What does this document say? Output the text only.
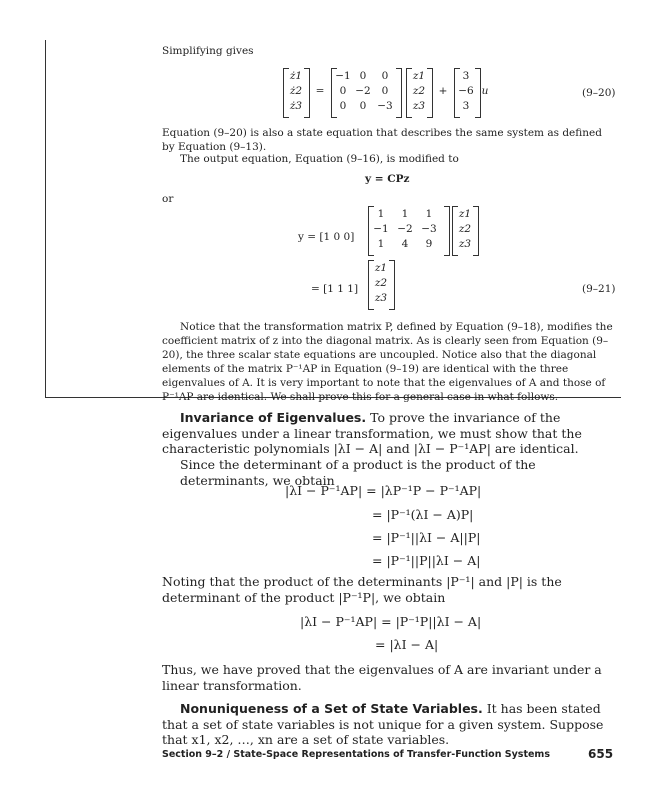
Simplifying gives
ż1
ż2
ż3
=
−1 0	0
0 −2	0
0	0	−3
z1
z2
z3
+
3
−6
3
u	(9–20)
Equation (9–20) is also a state equation that describes the same system as defined by Equation (9–13).
The output equation, Equation (9–16), is modified to
y = CPz
or
y = [1 0 0]
1	1	1
−1 −2 −3
1	4	9
z1
z2
z3
= [1 1 1]
z1
z2
z3
(9–21)
Notice that the transformation matrix P, defined by Equation (9–18), modifies the coefficient matrix of z into the diagonal matrix. As is clearly seen from Equation (9–20), the three scalar state equations are uncoupled. Notice also that the diagonal elements of the matrix P⁻¹AP in Equation (9–19) are identical with the three eigenvalues of A. It is very important to note that the eigenvalues of A and those of P⁻¹AP are identical. We shall prove this for a general case in what follows.
Invariance of Eigenvalues. To prove the invariance of the eigenvalues under a linear transformation, we must show that the characteristic polynomials |λI − A| and |λI − P⁻¹AP| are identical.
Since the determinant of a product is the product of the determinants, we obtain
|λI − P⁻¹AP| = |λP⁻¹P − P⁻¹AP|
= |P⁻¹(λI − A)P|
= |P⁻¹||λI − A||P|
= |P⁻¹||P||λI − A|
Noting that the product of the determinants |P⁻¹| and |P| is the determinant of the product |P⁻¹P|, we obtain
|λI − P⁻¹AP| = |P⁻¹P||λI − A|
= |λI − A|
Thus, we have proved that the eigenvalues of A are invariant under a linear transformation.
Nonuniqueness of a Set of State Variables. It has been stated that a set of state variables is not unique for a given system. Suppose that x1, x2, …, xn are a set of state variables.
Section 9–2 / State-Space Representations of Transfer-Function Systems	655
